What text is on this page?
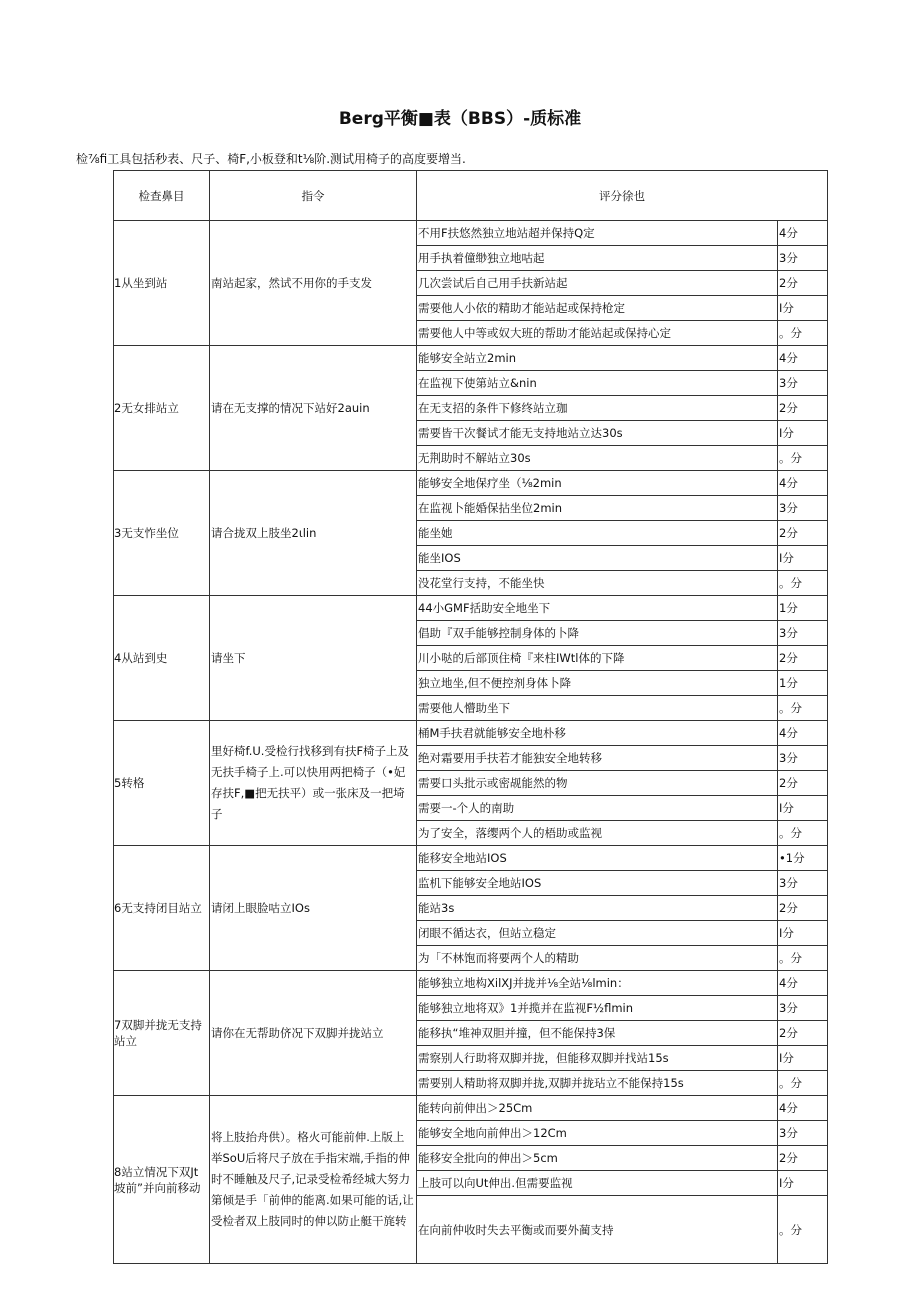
Berg平衡■表（BBS）-质标准
检⅞fi工具包括秒表、尺子、椅F,小板登和t⅛阶.测试用椅子的高度要增当.
检查鼻目	指令	评分徐也	
1从坐到站	南站起家，然试不用你的手支发	不用F扶悠然独立地站超并保持Q定	4分
		用手执着僮缈独立地咕起	3分
		几次尝试后自己用手扶新站起	2分
		需要他人小依的精助才能站起或保持枪定	I分
		需要他人中等或奴大班的帮助才能站起或保持心定	。分
2无女排站立	请在无支撑的情况下站好2auin	能够安全站立2min	4分
		在监视下使第站立&nin	3分
		在无支招的条件下修终站立珈	2分
		需要皆干次餐试才能无支持地站立达30s	I分
		无荆助时不解站立30s	。分
3无支怍坐位	请合拢双上肢坐2ιlin	能够安全地保疗坐（⅛2min	4分
		在监视卜能婚保拈坐位2min	3分
		能坐她	2分
		能坐IOS	I分
		没花堂行支持，不能坐快	。分
4从站到史	请坐下	44小GMF括助安全地坐下	1分
		倡助『双手能够控制身体的卜降	3分
		川小哒的后部顶住椅『来柱IWtl体的下降	2分
		独立地坐,但不便控剂身体卜降	1分
		需要他人懵助坐下	。分
5转格	里好椅f.U.受检行找移到有扶F椅子上及无扶手椅子上.可以快用两把椅子（•妃存扶F,■把无扶平）或一张床及一把埼子	桶M手扶君就能够安全地朴移	4分
		绝对霜要用手扶若才能独安全地转移	3分
		需要口头批示或密觇能然的物	2分
		需要一-个人的南助	I分
		为了安全，落缨两个人的梧助或监视	。分
6无支持闭目站立	请闭上眼脸咕立IOs	能移安全地站IOS	•1分
		监机下能够安全地站IOS	3分
		能站3s	2分
		闭眼不循达衣，但站立稳定	I分
		为「不林饱而将要两个人的精助	。分
7双脚并拢无支持站立	请你在无帮助侪况下双脚并拢站立	能够独立地构XilXJ并拢并⅛全站⅛lmin：	4分
		能够独立地将双》1并揽并在监视F½flmin	3分
		能移执“堆神双胆并撞，但不能保持3保	2分
		需察别人行助将双脚并拢，但能移双脚并找站15s	I分
		需要别人精助将双脚并拢,双脚并拢玷立不能保持15s	。分
8站立情况下双Jt坡前”并向前移动	将上肢抬舟供）。格火可能前伸.上版上举SoU后将尺子放在手指宋端,手指的伸时不睡触及尺子,记录受检希经城大努力第倾是手「前伸的能离.如果可能的话,让受检者双上肢同时的伸以防止艇干旄转	能转向前伸出＞25Cm	4分
		能够安全地向前伸出＞12Cm	3分
		能移安全批向的伸出＞5cm	2分
		上肢可以向Ut伸出.但需要监视	I分
		在向前仲收时失去平衡或而要外蔺支持	。分
